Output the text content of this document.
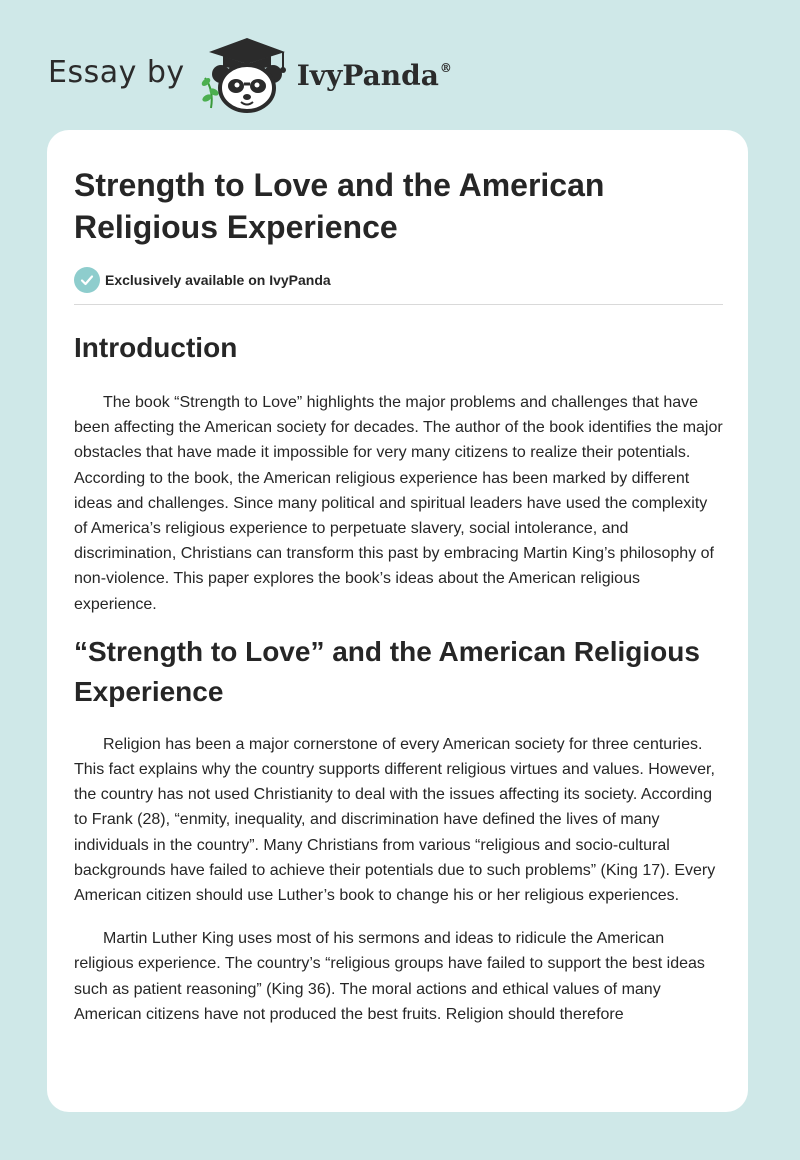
Essay by	IvyPanda®
Strength to Love and the American Religious Experience
Exclusively available on IvyPanda
Introduction

The book “Strength to Love” highlights the major problems and challenges that have been affecting the American society for decades. The author of the book identifies the major obstacles that have made it impossible for very many citizens to realize their potentials. According to the book, the American religious experience has been marked by different ideas and challenges. Since many political and spiritual leaders have used the complexity of America’s religious experience to perpetuate slavery, social intolerance, and discrimination, Christians can transform this past by embracing Martin King’s philosophy of non-violence. This paper explores the book’s ideas about the American religious experience.

“Strength to Love” and the American Religious Experience

Religion has been a major cornerstone of every American society for three centuries. This fact explains why the country supports different religious virtues and values. However, the country has not used Christianity to deal with the issues affecting its society. According to Frank (28), “enmity, inequality, and discrimination have defined the lives of many individuals in the country”. Many Christians from various “religious and socio-cultural backgrounds have failed to achieve their potentials due to such problems” (King 17). Every American citizen should use Luther’s book to change his or her religious experiences.

Martin Luther King uses most of his sermons and ideas to ridicule the American religious experience. The country’s “religious groups have failed to support the best ideas such as patient reasoning” (King 36). The moral actions and ethical values of many American citizens have not produced the best fruits. Religion should therefore
